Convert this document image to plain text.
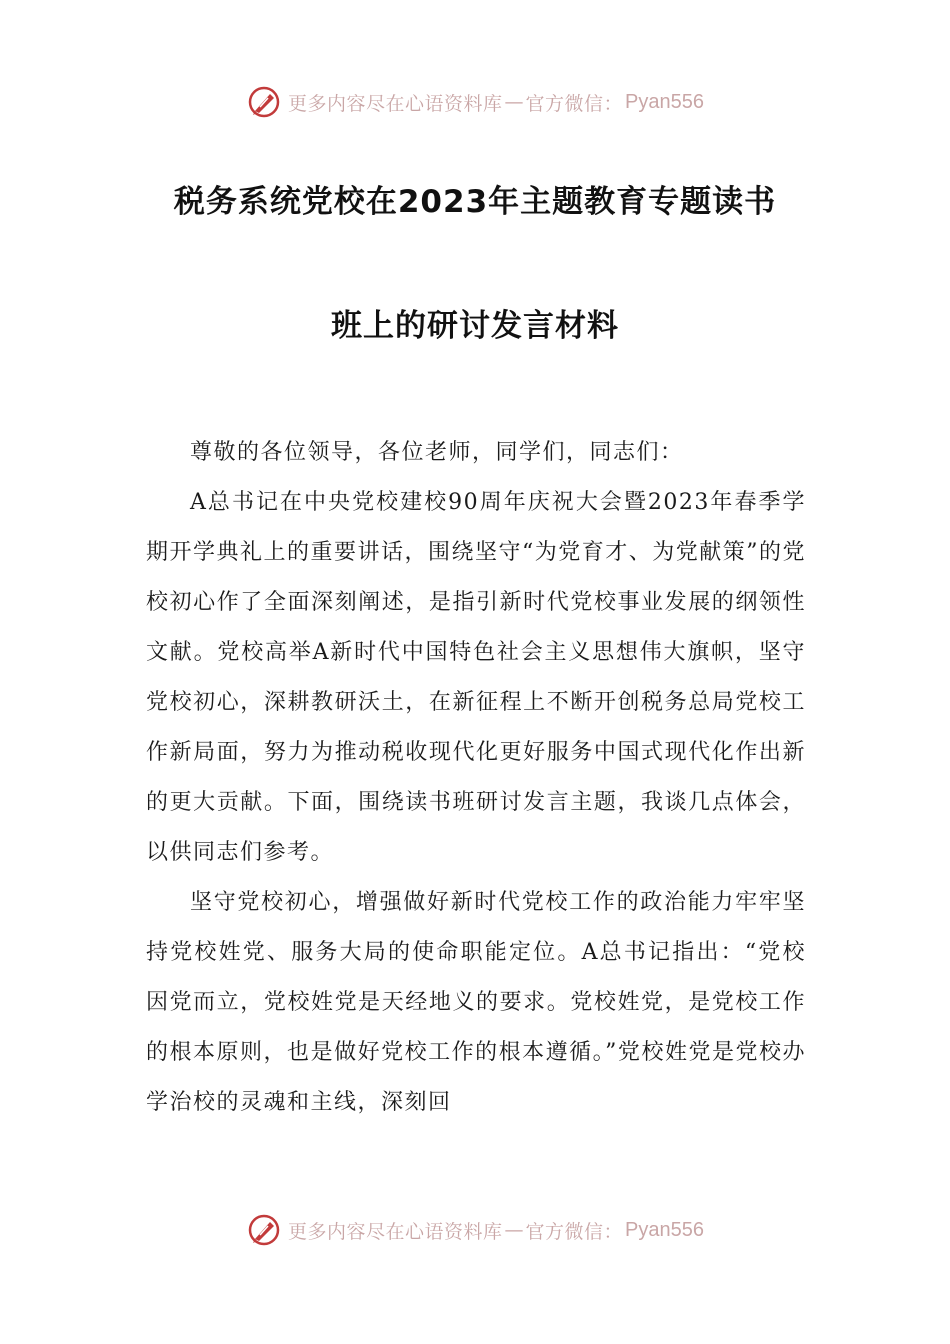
更多内容尽在心语资料库 — 官方微信： Pyan556
税务系统党校在2023年主题教育专题读书
班上的研讨发言材料

尊敬的各位领导，各位老师，同学们，同志们：

A总书记在中央党校建校90周年庆祝大会暨2023年春季学期开学典礼上的重要讲话，围绕坚守“为党育才、为党献策”的党校初心作了全面深刻阐述，是指引新时代党校事业发展的纲领性文献。党校高举A新时代中国特色社会主义思想伟大旗帜，坚守党校初心，深耕教研沃土，在新征程上不断开创税务总局党校工作新局面，努力为推动税收现代化更好服务中国式现代化作出新的更大贡献。下面，围绕读书班研讨发言主题，我谈几点体会，以供同志们参考。

坚守党校初心，增强做好新时代党校工作的政治能力牢牢坚持党校姓党、服务大局的使命职能定位。A总书记指出：“党校因党而立，党校姓党是天经地义的要求。党校姓党，是党校工作的根本原则，也是做好党校工作的根本遵循。”党校姓党是党校办学治校的灵魂和主线，深刻回

更多内容尽在心语资料库 — 官方微信： Pyan556
